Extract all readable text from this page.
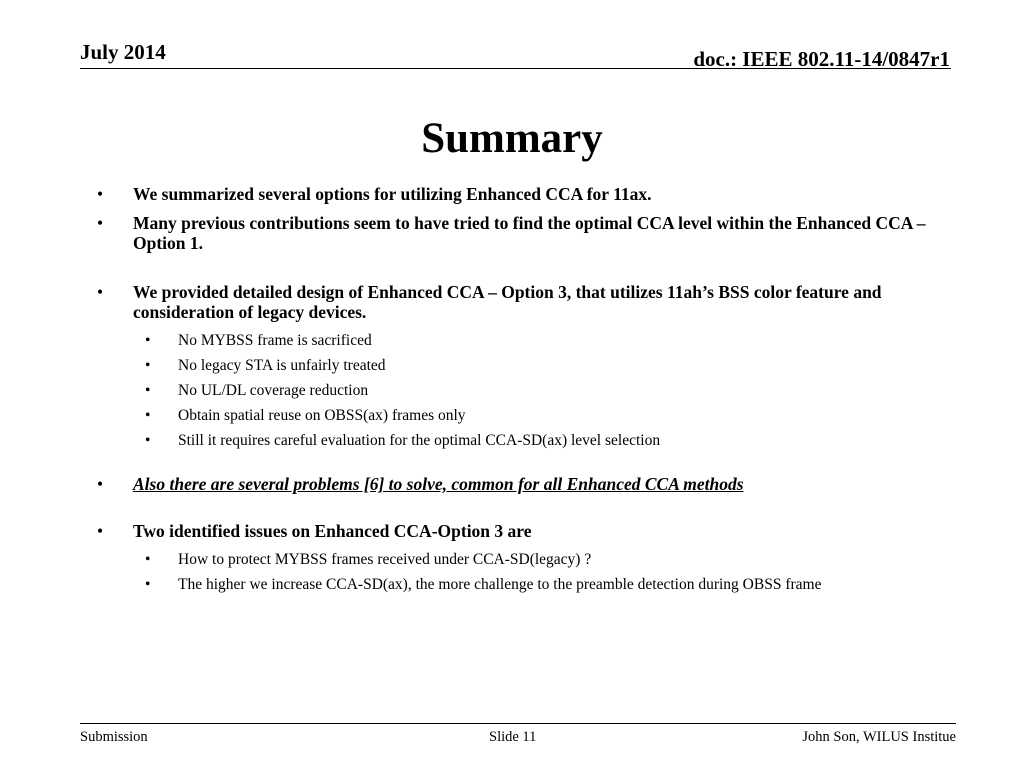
July 2014	doc.: IEEE 802.11-14/0847r1
Summary
• We summarized several options for utilizing Enhanced CCA for 11ax.
• Many previous contributions seem to have tried to find the optimal CCA level within the Enhanced CCA – Option 1.
• We provided detailed design of Enhanced CCA – Option 3, that utilizes 11ah’s BSS color feature and consideration of legacy devices.
• No MYBSS frame is sacrificed
• No legacy STA is unfairly treated
• No UL/DL coverage reduction
• Obtain spatial reuse on OBSS(ax) frames only
• Still it requires careful evaluation for the optimal CCA-SD(ax) level selection
• Also there are several problems [6] to solve, common for all Enhanced CCA methods
• Two identified issues on Enhanced CCA-Option 3 are
• How to protect MYBSS frames received under CCA-SD(legacy) ?
• The higher we increase CCA-SD(ax), the more challenge to the preamble detection during OBSS frame
Submission	Slide 11	John Son, WILUS Institue
